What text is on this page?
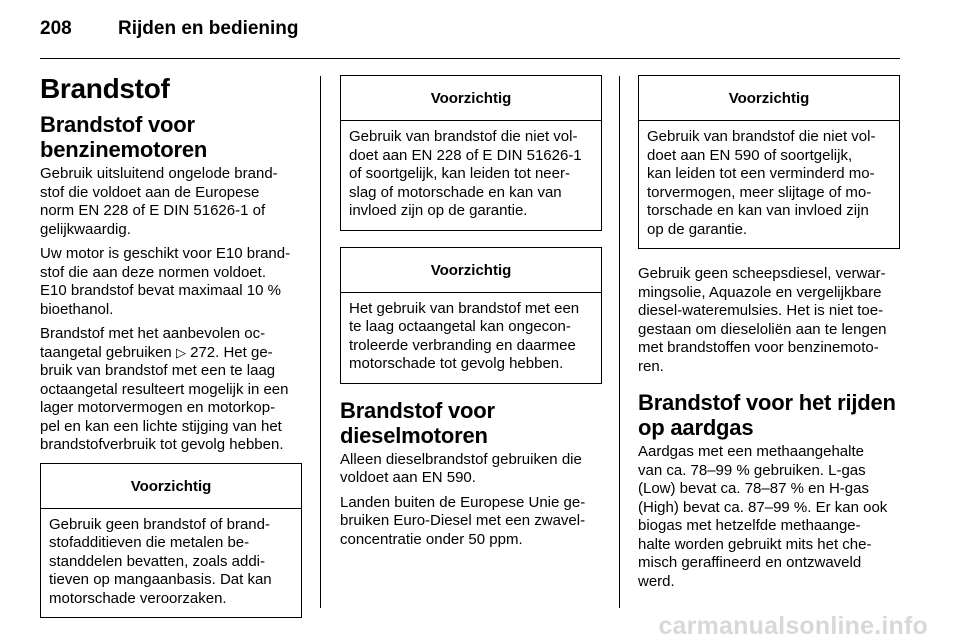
208 Rijden en bediening
Brandstof
Brandstof voor
benzinemotoren

Gebruik uitsluitend ongelode brand-
stof die voldoet aan de Europese
norm EN 228 of E DIN 51626-1 of
gelijkwaardig.

Uw motor is geschikt voor E10 brand-
stof die aan deze normen voldoet.
E10 brandstof bevat maximaal 10 %
bioethanol.

Brandstof met het aanbevolen oc-
taangetal gebruiken ▷ 272. Het ge-
bruik van brandstof met een te laag
octaangetal resulteert mogelijk in een
lager motorvermogen en motorkop-
pel en kan een lichte stijging van het
brandstofverbruik tot gevolg hebben.

Voorzichtig
Gebruik geen brandstof of brand-
stofadditieven die metalen be-
standdelen bevatten, zoals addi-
tieven op mangaanbasis. Dat kan
motorschade veroorzaken.
Voorzichtig
Gebruik van brandstof die niet vol-
doet aan EN 228 of E DIN 51626-1
of soortgelijk, kan leiden tot neer-
slag of motorschade en kan van
invloed zijn op de garantie.
Voorzichtig
Het gebruik van brandstof met een
te laag octaangetal kan ongecon-
troleerde verbranding en daarmee
motorschade tot gevolg hebben.
Brandstof voor
dieselmotoren

Alleen dieselbrandstof gebruiken die
voldoet aan EN 590.

Landen buiten de Europese Unie ge-
bruiken Euro-Diesel met een zwavel-
concentratie onder 50 ppm.

Voorzichtig
Gebruik van brandstof die niet vol-
doet aan EN 590 of soortgelijk,
kan leiden tot een verminderd mo-
torvermogen, meer slijtage of mo-
torschade en kan van invloed zijn
op de garantie.

Gebruik geen scheepsdiesel, verwar-
mingsolie, Aquazole en vergelijkbare
diesel-wateremulsies. Het is niet toe-
gestaan om dieseloliën aan te lengen
met brandstoffen voor benzinemoto-
ren.

Brandstof voor het rijden
op aardgas

Aardgas met een methaangehalte
van ca. 78–99 % gebruiken. L-gas
(Low) bevat ca. 78–87 % en H-gas
(High) bevat ca. 87–99 %. Er kan ook
biogas met hetzelfde methaange-
halte worden gebruikt mits het che-
misch geraffineerd en ontzwaveld
werd.

carmanualsonline.info
